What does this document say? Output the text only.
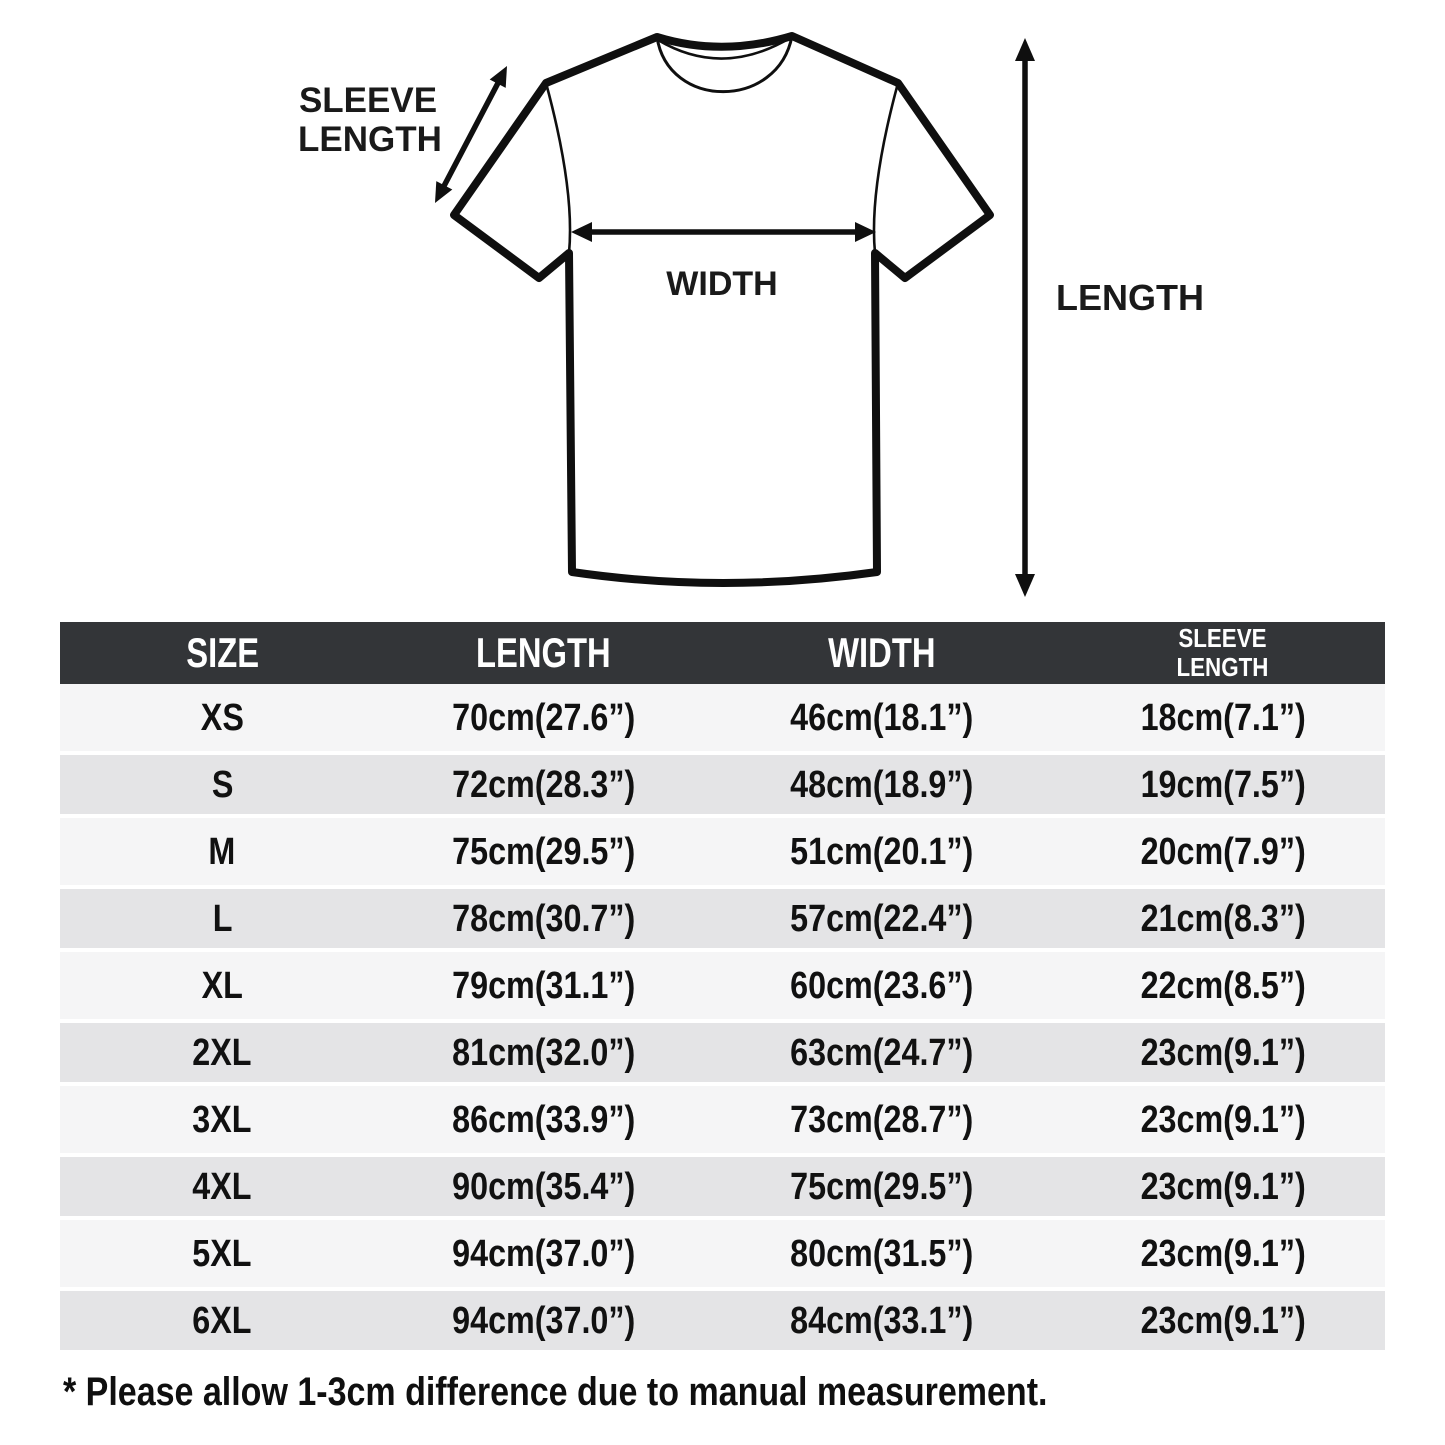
SLEEVE
LENGTH
WIDTH	LENGTH
SIZE	LENGTH	WIDTH	SLEEVE
LENGTH
XS	70cm(27.6”)	46cm(18.1”)	18cm(7.1”)
S	72cm(28.3”)	48cm(18.9”)	19cm(7.5”)
M	75cm(29.5”)	51cm(20.1”)	20cm(7.9”)
L	78cm(30.7”)	57cm(22.4”)	21cm(8.3”)
XL	79cm(31.1”)	60cm(23.6”)	22cm(8.5”)
2XL	81cm(32.0”)	63cm(24.7”)	23cm(9.1”)
3XL	86cm(33.9”)	73cm(28.7”)	23cm(9.1”)
4XL	90cm(35.4”)	75cm(29.5”)	23cm(9.1”)
5XL	94cm(37.0”)	80cm(31.5”)	23cm(9.1”)
6XL	94cm(37.0”)	84cm(33.1”)	23cm(9.1”)
* Please allow 1-3cm difference due to manual measurement.
